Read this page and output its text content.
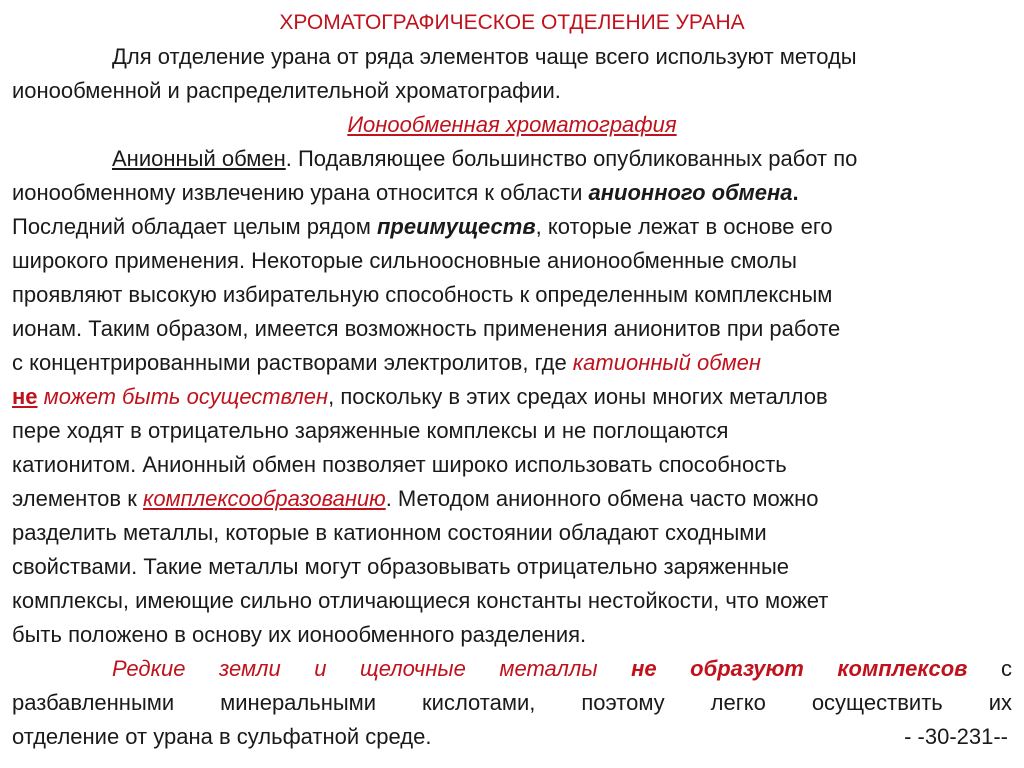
ХРОМАТОГРАФИЧЕСКОЕ ОТДЕЛЕНИЕ УРАНА
Для отделение урана от ряда элементов чаще всего используют методы
ионообменной и распределительной хроматографии.
Ионообменная хроматография
Анионный обмен. Подавляющее большинство опубликованных работ по
ионообменному извлечению урана относится к области анионного обмена.
Последний обладает целым рядом преимуществ, которые лежат в основе его
широкого применения. Некоторые сильноосновные анионообменные смолы
проявляют высокую избирательную способность к определенным комплексным
ионам. Таким образом, имеется возможность применения анионитов при работе
с концентрированными растворами электролитов, где катионный обмен
не может быть осуществлен, поскольку в этих средах ионы многих металлов
пере ходят в отрицательно заряженные комплексы и не поглощаются
катионитом. Анионный обмен позволяет широко использовать способность
элементов к комплексообразованию. Методом анионного обмена часто можно
разделить металлы, которые в катионном состоянии обладают сходными
свойствами. Такие металлы могут образовывать отрицательно заряженные
комплексы, имеющие сильно отличающиеся константы нестойкости, что может
быть положено в основу их ионообменного разделения.
Редкие земли и щелочные металлы не образуют комплексов с
разбавленными минеральными кислотами, поэтому легко осуществить их
отделение от урана в сульфатной среде.	- -30-231--
